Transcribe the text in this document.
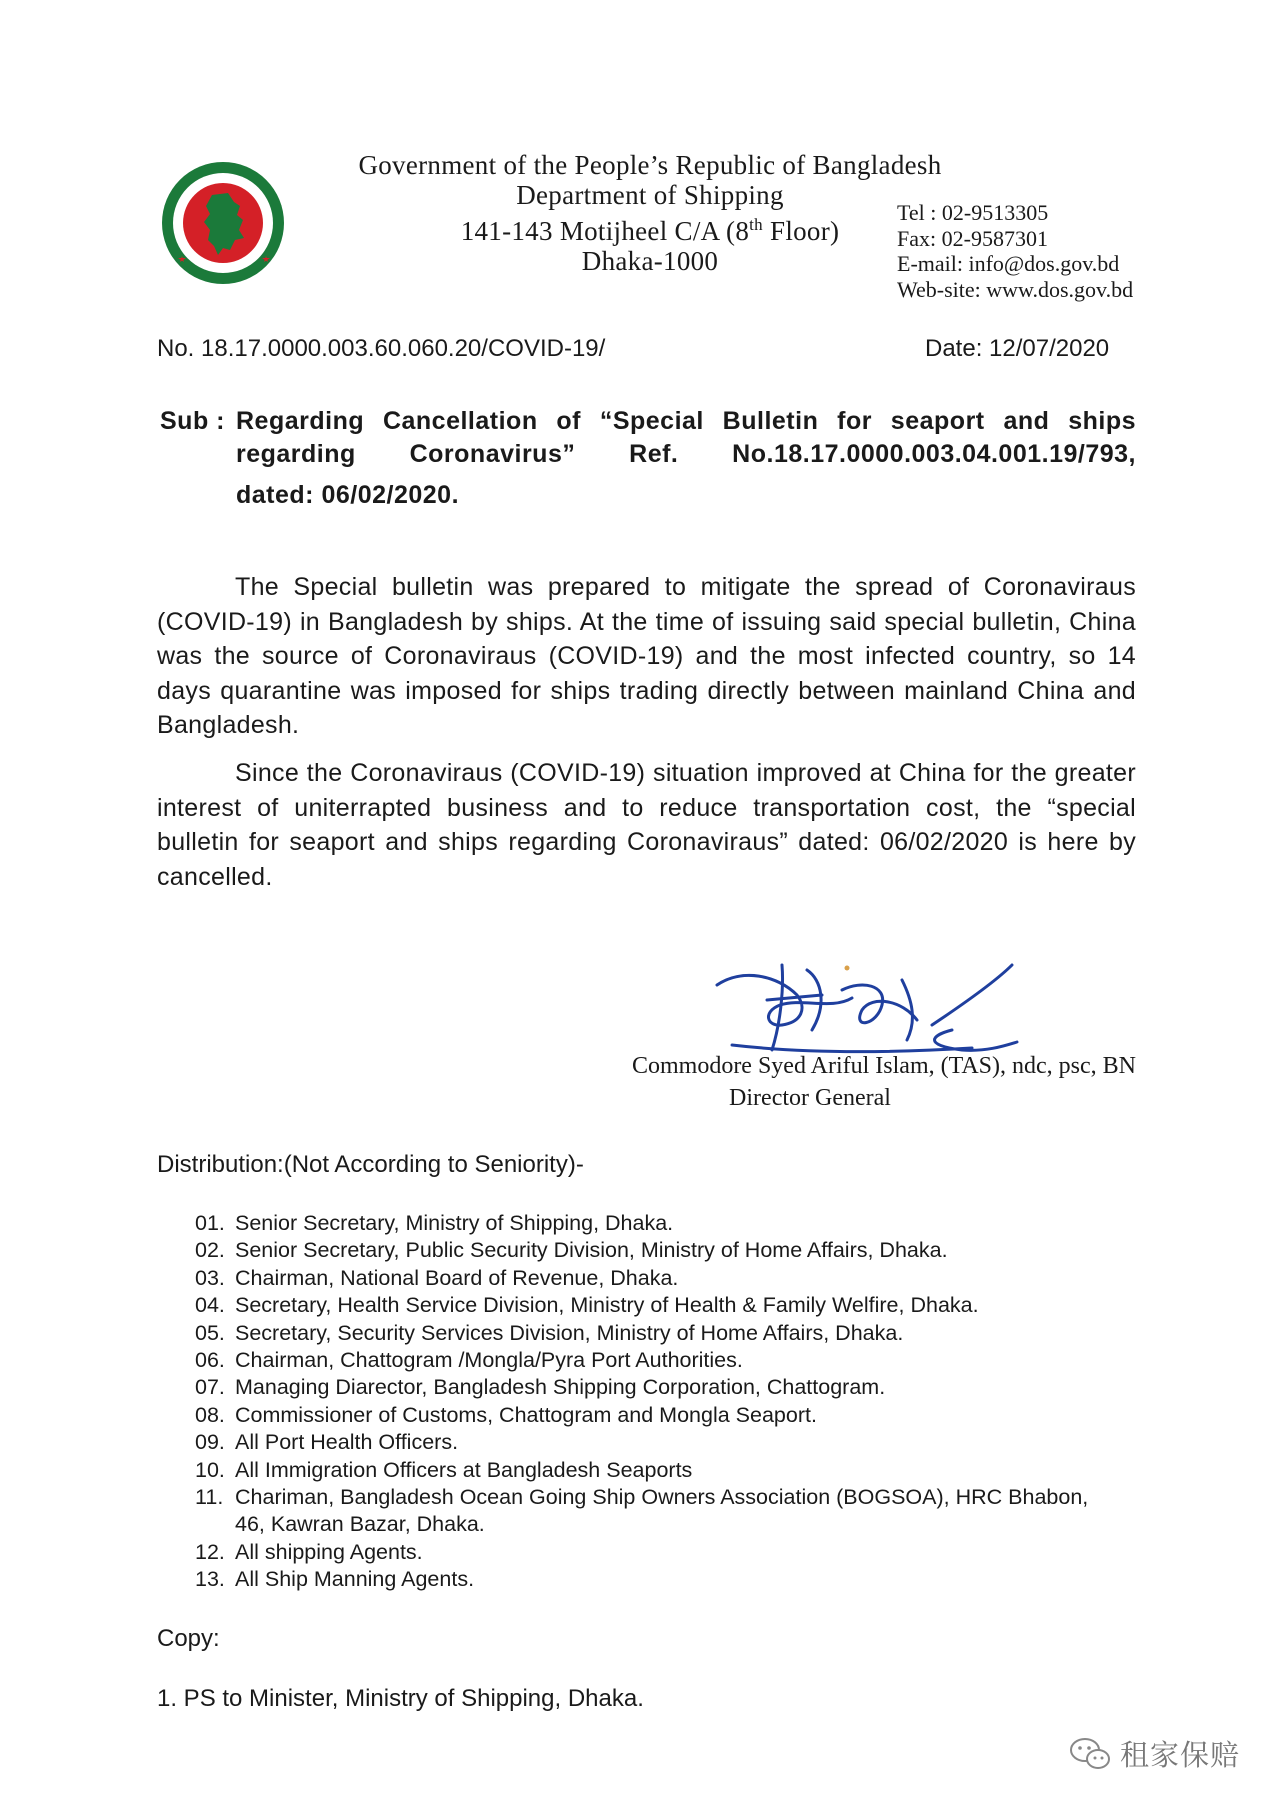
Government of the People’s Republic of Bangladesh
Department of Shipping
141-143 Motijheel C/A (8th Floor)
Dhaka-1000
Tel : 02-9513305
Fax: 02-9587301
E-mail: info@dos.gov.bd
Web-site: www.dos.gov.bd
No. 18.17.0000.003.60.060.20/COVID-19/	Date: 12/07/2020
Sub : Regarding Cancellation of “Special Bulletin for seaport and ships
regarding Coronavirus” Ref. No.18.17.0000.003.04.001.19/793,
dated: 06/02/2020.

The Special bulletin was prepared to mitigate the spread of Coronaviraus (COVID-19) in Bangladesh by ships. At the time of issuing said special bulletin, China was the source of Coronaviraus (COVID-19) and the most infected country, so 14 days quarantine was imposed for ships trading directly between mainland China and Bangladesh.

Since the Coronaviraus (COVID-19) situation improved at China for the greater interest of uniterrapted business and to reduce transportation cost, the “special bulletin for seaport and ships regarding Coronaviraus” dated: 06/02/2020 is here by cancelled.

Commodore Syed Ariful Islam, (TAS), ndc, psc, BN
Director General
Distribution:(Not According to Seniority)-
01. Senior Secretary, Ministry of Shipping, Dhaka.
02. Senior Secretary, Public Security Division, Ministry of Home Affairs, Dhaka.
03. Chairman, National Board of Revenue, Dhaka.
04. Secretary, Health Service Division, Ministry of Health & Family Welfire, Dhaka.
05. Secretary, Security Services Division, Ministry of Home Affairs, Dhaka.
06. Chairman, Chattogram /Mongla/Pyra Port Authorities.
07. Managing Diarector, Bangladesh Shipping Corporation, Chattogram.
08. Commissioner of Customs, Chattogram and Mongla Seaport.
09. All Port Health Officers.
10. All Immigration Officers at Bangladesh Seaports
11. Chariman, Bangladesh Ocean Going Ship Owners Association (BOGSOA), HRC Bhabon, 46, Kawran Bazar, Dhaka.
12. All shipping Agents.
13. All Ship Manning Agents.
Copy:
1. PS to Minister, Ministry of Shipping, Dhaka.
租家保赔
